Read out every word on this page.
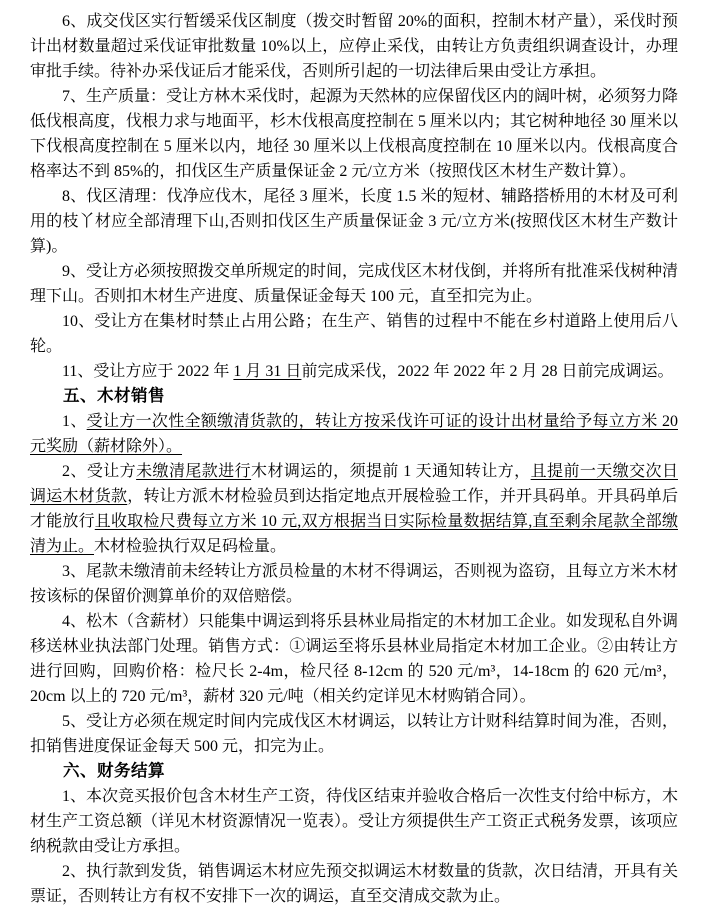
6、成交伐区实行暂缓采伐区制度（拨交时暂留 20%的面积，控制木材产量），采伐时预计出材数量超过采伐证审批数量 10%以上，应停止采伐，由转让方负责组织调查设计，办理审批手续。待补办采伐证后才能采伐，否则所引起的一切法律后果由受让方承担。

7、生产质量：受让方林木采伐时，起源为天然林的应保留伐区内的阔叶树，必须努力降低伐根高度，伐根力求与地面平，杉木伐根高度控制在 5 厘米以内；其它树种地径 30 厘米以下伐根高度控制在 5 厘米以内，地径 30 厘米以上伐根高度控制在 10 厘米以内。伐根高度合格率达不到 85%的，扣伐区生产质量保证金 2 元/立方米（按照伐区木材生产数计算）。

8、伐区清理：伐净应伐木，尾径 3 厘米，长度 1.5 米的短材、辅路搭桥用的木材及可利用的枝丫材应全部清理下山,否则扣伐区生产质量保证金 3 元/立方米(按照伐区木材生产数计算)。

9、受让方必须按照拨交单所规定的时间，完成伐区木材伐倒，并将所有批准采伐树种清理下山。否则扣木材生产进度、质量保证金每天 100 元，直至扣完为止。

10、受让方在集材时禁止占用公路；在生产、销售的过程中不能在乡村道路上使用后八轮。

11、受让方应于 2022 年 1 月 31 日前完成采伐，2022 年 2022 年 2 月 28 日前完成调运。

五、木材销售

1、受让方一次性全额缴清货款的，转让方按采伐许可证的设计出材量给予每立方米 20 元奖励（薪材除外）。

2、受让方未缴清尾款进行木材调运的，须提前 1 天通知转让方，且提前一天缴交次日调运木材货款，转让方派木材检验员到达指定地点开展检验工作，并开具码单。开具码单后才能放行且收取检尺费每立方米 10 元,双方根据当日实际检量数据结算,直至剩余尾款全部缴清为止。木材检验执行双足码检量。

3、尾款未缴清前未经转让方派员检量的木材不得调运，否则视为盗窃，且每立方米木材按该标的保留价测算单价的双倍赔偿。

4、松木（含薪材）只能集中调运到将乐县林业局指定的木材加工企业。如发现私自外调移送林业执法部门处理。销售方式：①调运至将乐县林业局指定木材加工企业。②由转让方进行回购，回购价格：检尺长 2-4m，检尺径 8-12cm 的 520 元/m³，14-18cm 的 620 元/m³，20cm 以上的 720 元/m³，薪材 320 元/吨（相关约定详见木材购销合同）。

5、受让方必须在规定时间内完成伐区木材调运，以转让方计财科结算时间为准，否则，扣销售进度保证金每天 500 元，扣完为止。

六、财务结算

1、本次竞买报价包含木材生产工资，待伐区结束并验收合格后一次性支付给中标方，木材生产工资总额（详见木材资源情况一览表）。受让方须提供生产工资正式税务发票，该项应纳税款由受让方承担。

2、执行款到发货，销售调运木材应先预交拟调运木材数量的货款，次日结清，开具有关票证，否则转让方有权不安排下一次的调运，直至交清成交款为止。
